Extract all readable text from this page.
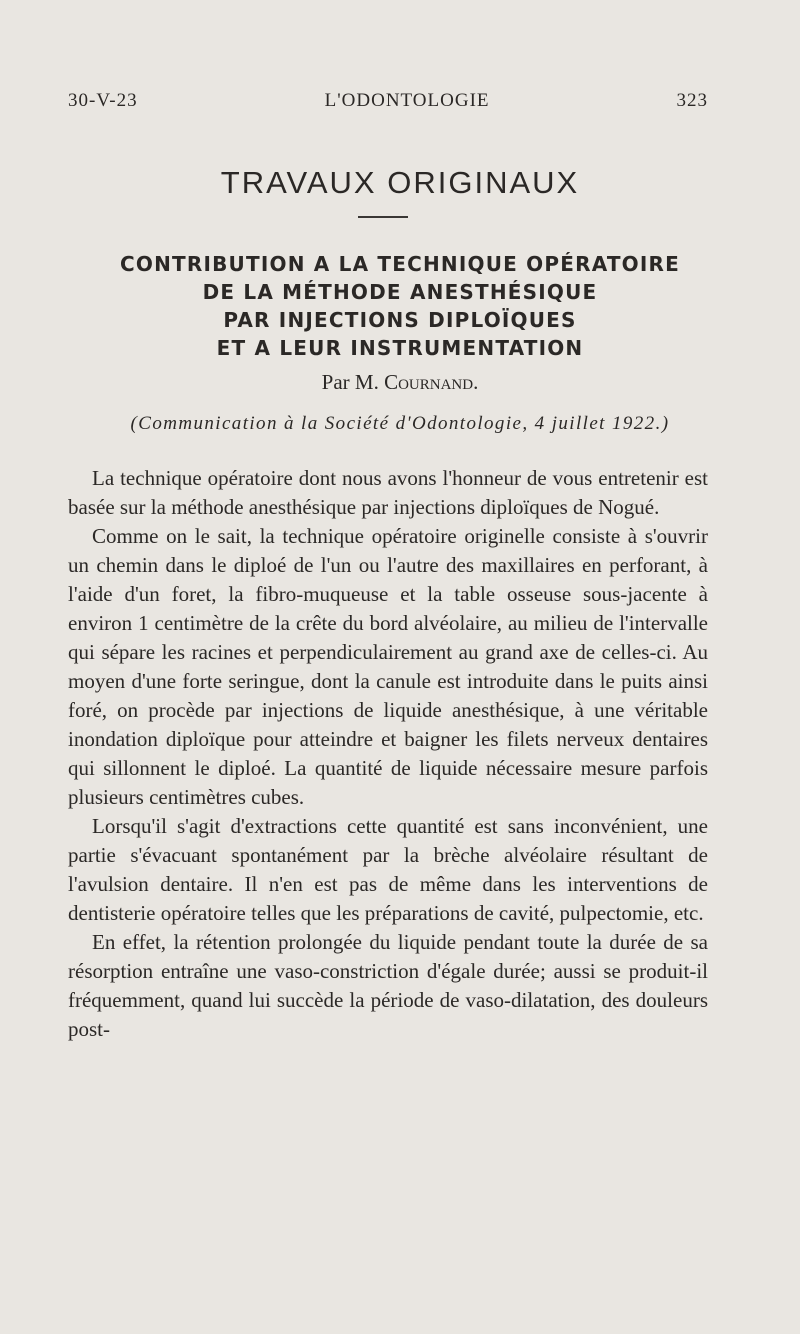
30-V-23	L'ODONTOLOGIE	323
TRAVAUX ORIGINAUX
CONTRIBUTION A LA TECHNIQUE OPÉRATOIRE
DE LA MÉTHODE ANESTHÉSIQUE
PAR INJECTIONS DIPLOÏQUES
ET A LEUR INSTRUMENTATION
Par M. Cournand.
(Communication à la Société d'Odontologie, 4 juillet 1922.)

La technique opératoire dont nous avons l'honneur de vous entretenir est basée sur la méthode anesthésique par injections diploïques de Nogué.

Comme on le sait, la technique opératoire originelle consiste à s'ouvrir un chemin dans le diploé de l'un ou l'autre des maxillaires en perforant, à l'aide d'un foret, la fibro-muqueuse et la table osseuse sous-jacente à environ 1 centimètre de la crête du bord alvéolaire, au milieu de l'intervalle qui sépare les racines et perpendiculairement au grand axe de celles-ci. Au moyen d'une forte seringue, dont la canule est introduite dans le puits ainsi foré, on procède par injections de liquide anesthésique, à une véritable inondation diploïque pour atteindre et baigner les filets nerveux dentaires qui sillonnent le diploé. La quantité de liquide nécessaire mesure parfois plusieurs centimètres cubes.

Lorsqu'il s'agit d'extractions cette quantité est sans inconvénient, une partie s'évacuant spontanément par la brèche alvéolaire résultant de l'avulsion dentaire. Il n'en est pas de même dans les interventions de dentisterie opératoire telles que les préparations de cavité, pulpectomie, etc.

En effet, la rétention prolongée du liquide pendant toute la durée de sa résorption entraîne une vaso-constriction d'égale durée; aussi se produit-il fréquemment, quand lui succède la période de vaso-dilatation, des douleurs post-
